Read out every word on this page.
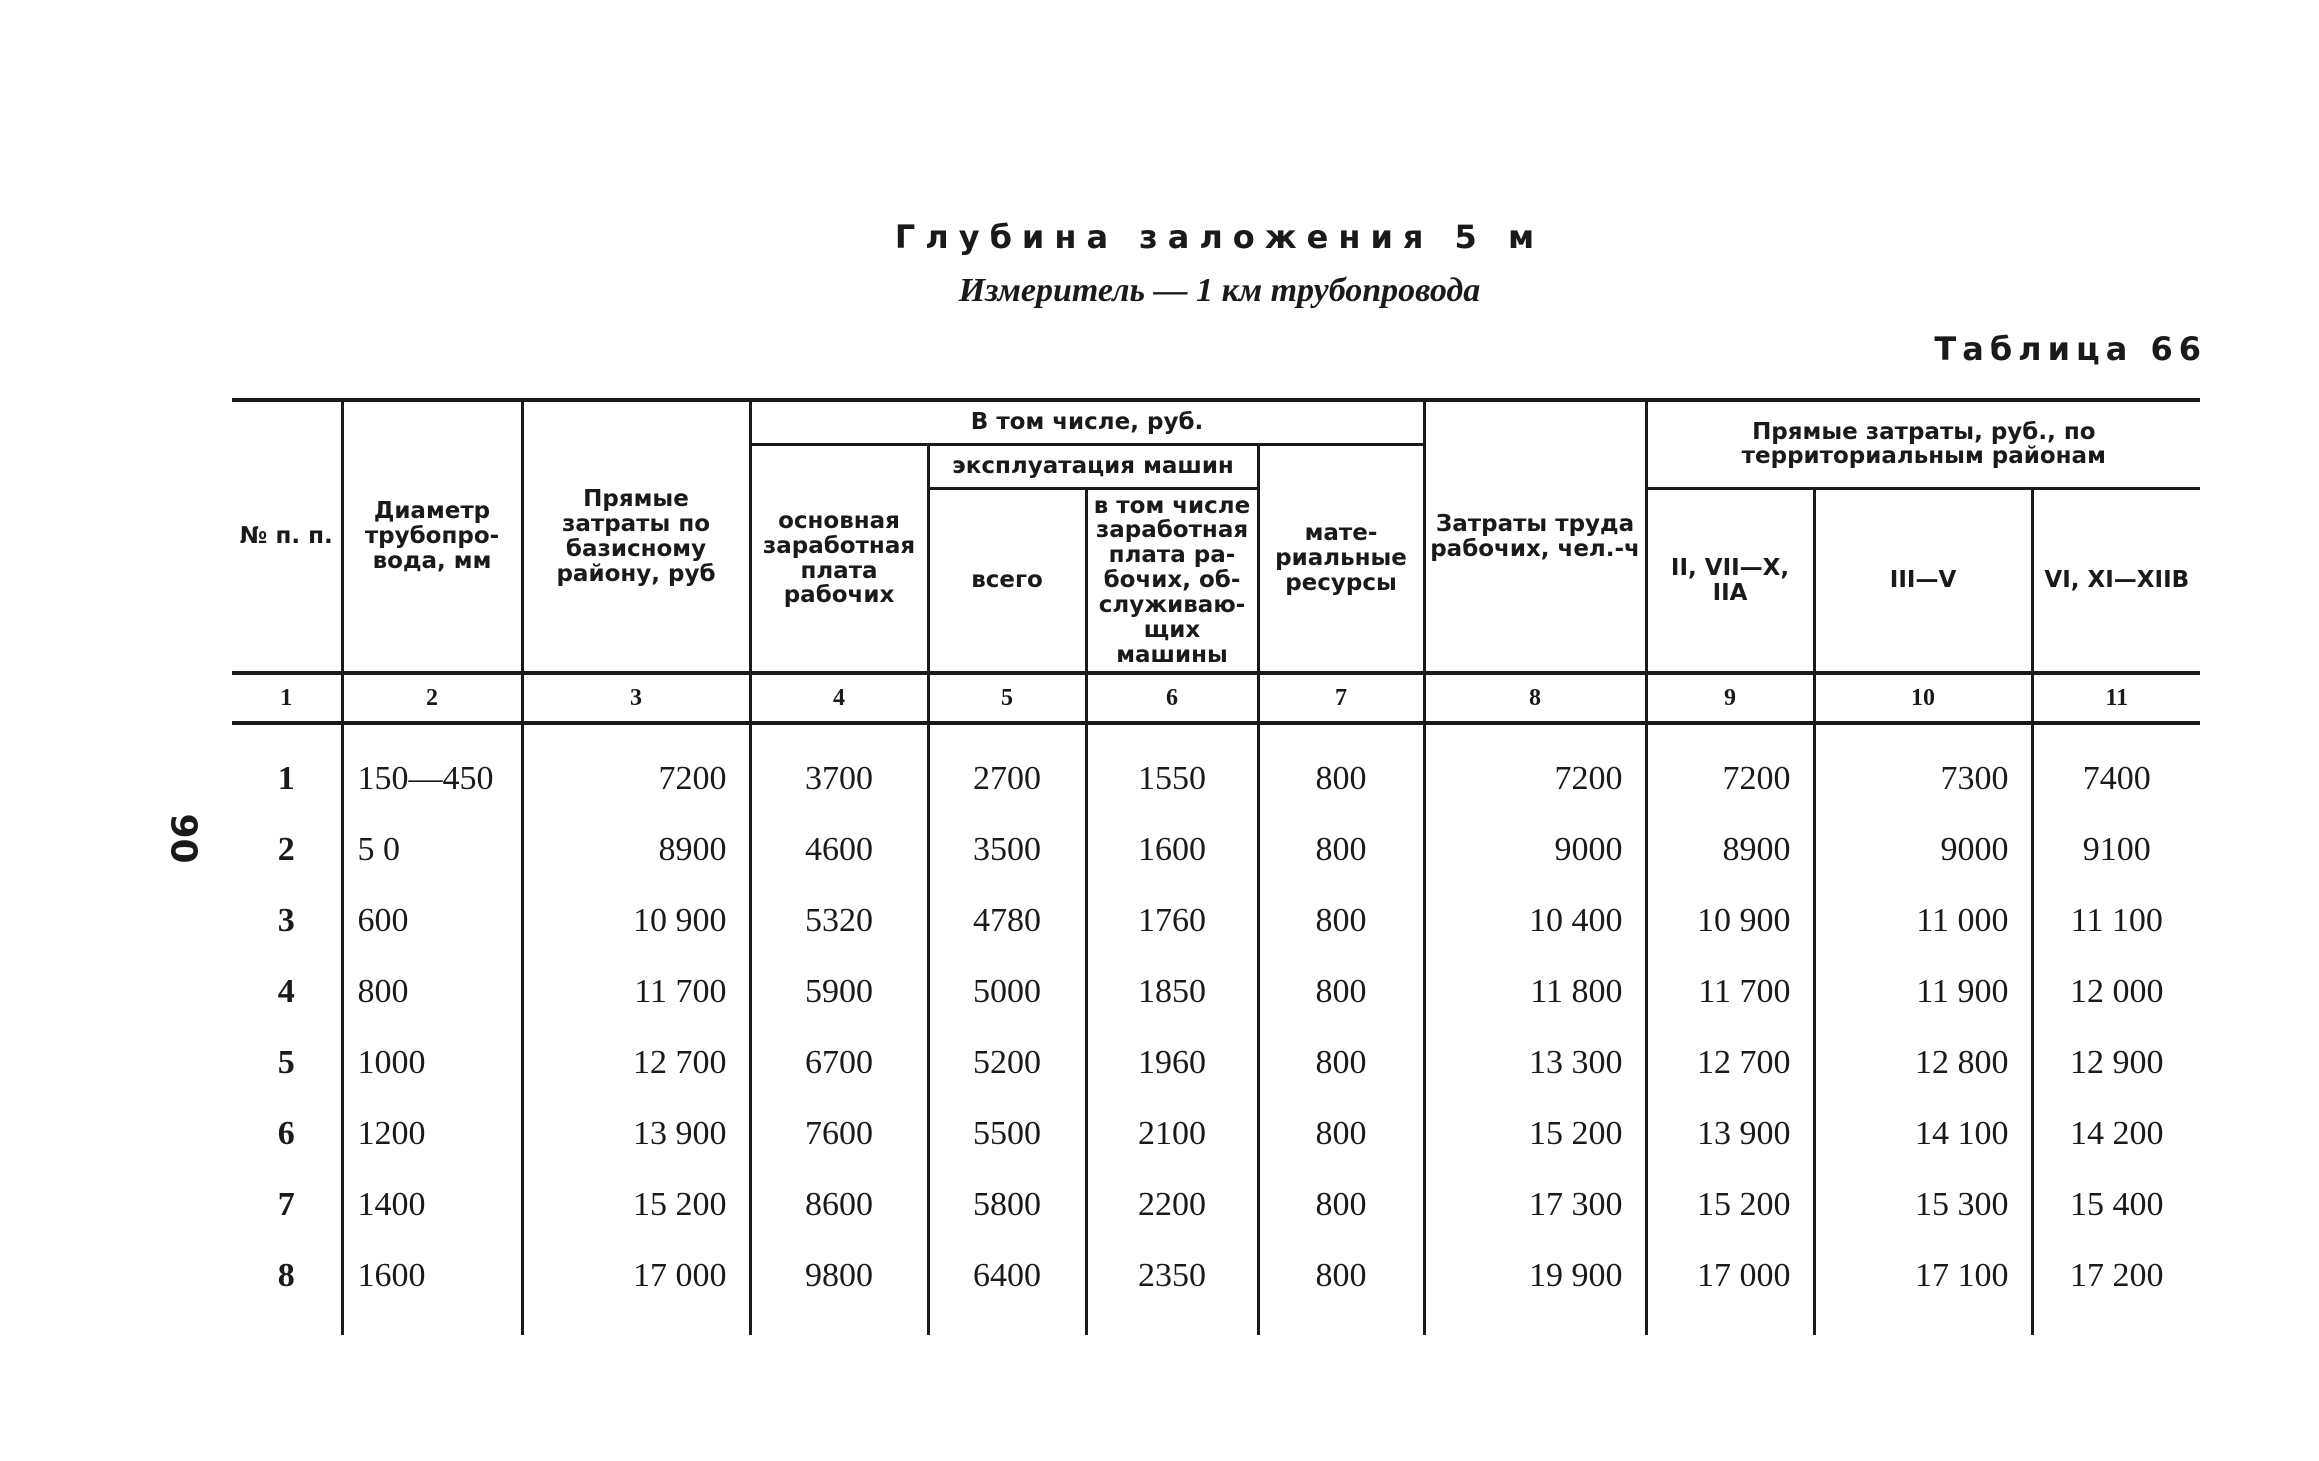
Глубина заложения 5 м
Измеритель — 1 км трубопровода
Таблица 66
90
№ п. п.	Диаметр трубопро-вода, мм	Прямые затраты по базисному району, руб	В том числе, руб.				Затраты труда рабочих, чел.-ч	Прямые затраты, руб., по территориальным районам		
			основная заработная плата рабочих	эксплуатация машин		мате-риальные ресурсы				
				всего	в том числе заработная плата ра-бочих, об-служиваю-щих машины			II, VII—X, IIA	III—V	VI, XI—XIIB
1	2	3	4	5	6	7	8	9	10	11
1	150—450	7200	3700	2700	1550	800	7200	7200	7300	7400
2	5 0	8900	4600	3500	1600	800	9000	8900	9000	9100
3	600	10 900	5320	4780	1760	800	10 400	10 900	11 000	11 100
4	800	11 700	5900	5000	1850	800	11 800	11 700	11 900	12 000
5	1000	12 700	6700	5200	1960	800	13 300	12 700	12 800	12 900
6	1200	13 900	7600	5500	2100	800	15 200	13 900	14 100	14 200
7	1400	15 200	8600	5800	2200	800	17 300	15 200	15 300	15 400
8	1600	17 000	9800	6400	2350	800	19 900	17 000	17 100	17 200
